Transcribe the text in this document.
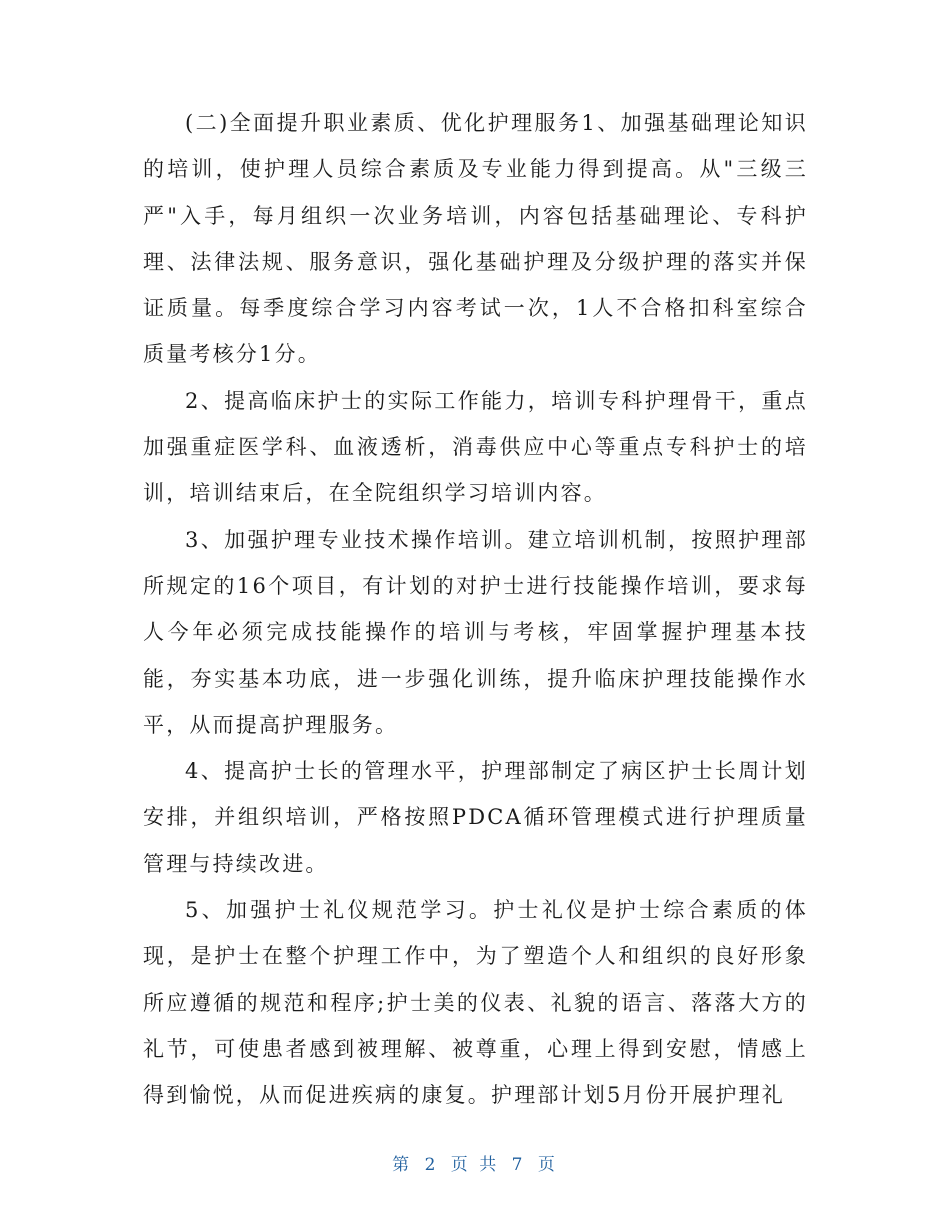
(二)全面提升职业素质、优化护理服务1、加强基础理论知识的培训，使护理人员综合素质及专业能力得到提高。从"三级三严"入手，每月组织一次业务培训，内容包括基础理论、专科护理、法律法规、服务意识，强化基础护理及分级护理的落实并保证质量。每季度综合学习内容考试一次，1人不合格扣科室综合质量考核分1分。

2、提高临床护士的实际工作能力，培训专科护理骨干，重点加强重症医学科、血液透析，消毒供应中心等重点专科护士的培训，培训结束后，在全院组织学习培训内容。

3、加强护理专业技术操作培训。建立培训机制，按照护理部所规定的16个项目，有计划的对护士进行技能操作培训，要求每人今年必须完成技能操作的培训与考核，牢固掌握护理基本技能，夯实基本功底，进一步强化训练，提升临床护理技能操作水平，从而提高护理服务。

4、提高护士长的管理水平，护理部制定了病区护士长周计划安排，并组织培训，严格按照PDCA循环管理模式进行护理质量管理与持续改进。

5、加强护士礼仪规范学习。护士礼仪是护士综合素质的体现，是护士在整个护理工作中，为了塑造个人和组织的良好形象所应遵循的规范和程序;护士美的仪表、礼貌的语言、落落大方的礼节，可使患者感到被理解、被尊重，心理上得到安慰，情感上得到愉悦，从而促进疾病的康复。护理部计划5月份开展护理礼

第 2 页 共 7 页
